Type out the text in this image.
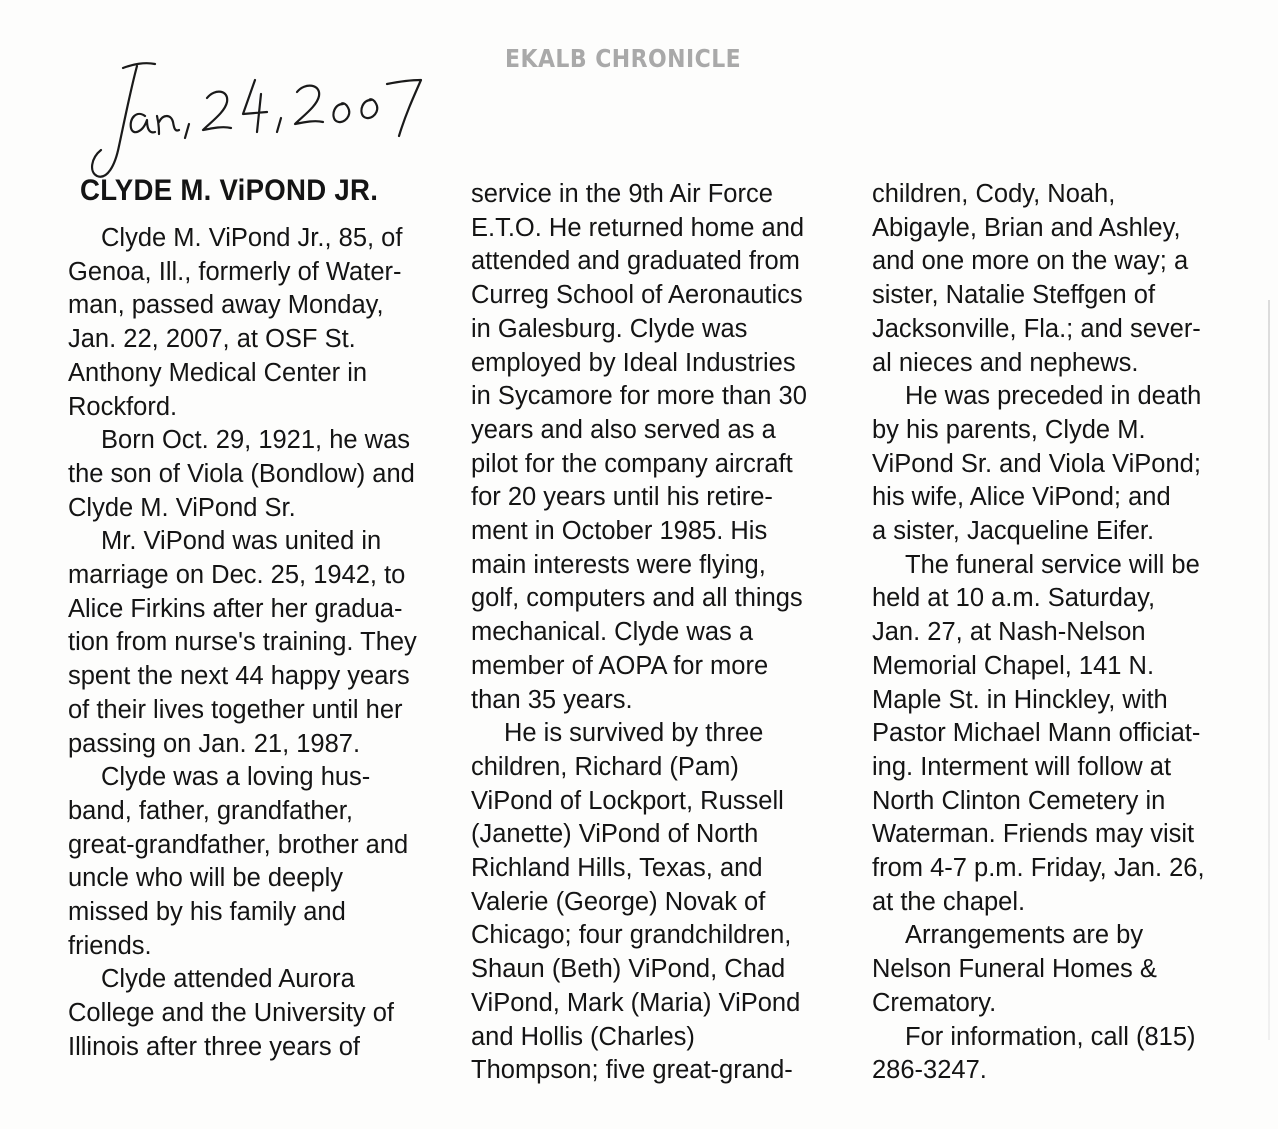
EKALB CHRONICLE
CLYDE M. ViPOND JR.

Clyde M. ViPond Jr., 85, of

Genoa, Ill., formerly of Water-
man, passed away Monday,
Jan. 22, 2007, at OSF St.
Anthony Medical Center in
Rockford.

Born Oct. 29, 1921, he was

the son of Viola (Bondlow) and
Clyde M. ViPond Sr.

Mr. ViPond was united in

marriage on Dec. 25, 1942, to
Alice Firkins after her gradua-
tion from nurse's training. They
spent the next 44 happy years
of their lives together until her
passing on Jan. 21, 1987.

Clyde was a loving hus-

band, father, grandfather,
great-grandfather, brother and
uncle who will be deeply
missed by his family and
friends.

Clyde attended Aurora

College and the University of
Illinois after three years of

service in the 9th Air Force
E.T.O. He returned home and
attended and graduated from
Curreg School of Aeronautics
in Galesburg. Clyde was
employed by Ideal Industries
in Sycamore for more than 30
years and also served as a
pilot for the company aircraft
for 20 years until his retire-
ment in October 1985. His
main interests were flying,
golf, computers and all things
mechanical. Clyde was a
member of AOPA for more
than 35 years.

He is survived by three

children, Richard (Pam)
ViPond of Lockport, Russell
(Janette) ViPond of North
Richland Hills, Texas, and
Valerie (George) Novak of
Chicago; four grandchildren,
Shaun (Beth) ViPond, Chad
ViPond, Mark (Maria) ViPond
and Hollis (Charles)
Thompson; five great-grand-

children, Cody, Noah,
Abigayle, Brian and Ashley,
and one more on the way; a
sister, Natalie Steffgen of
Jacksonville, Fla.; and sever-
al nieces and nephews.

He was preceded in death

by his parents, Clyde M.
ViPond Sr. and Viola ViPond;
his wife, Alice ViPond; and
a sister, Jacqueline Eifer.

The funeral service will be

held at 10 a.m. Saturday,
Jan. 27, at Nash-Nelson
Memorial Chapel, 141 N.
Maple St. in Hinckley, with
Pastor Michael Mann officiat-
ing. Interment will follow at
North Clinton Cemetery in
Waterman. Friends may visit
from 4-7 p.m. Friday, Jan. 26,
at the chapel.

Arrangements are by

Nelson Funeral Homes &
Crematory.

For information, call (815)

286-3247.
